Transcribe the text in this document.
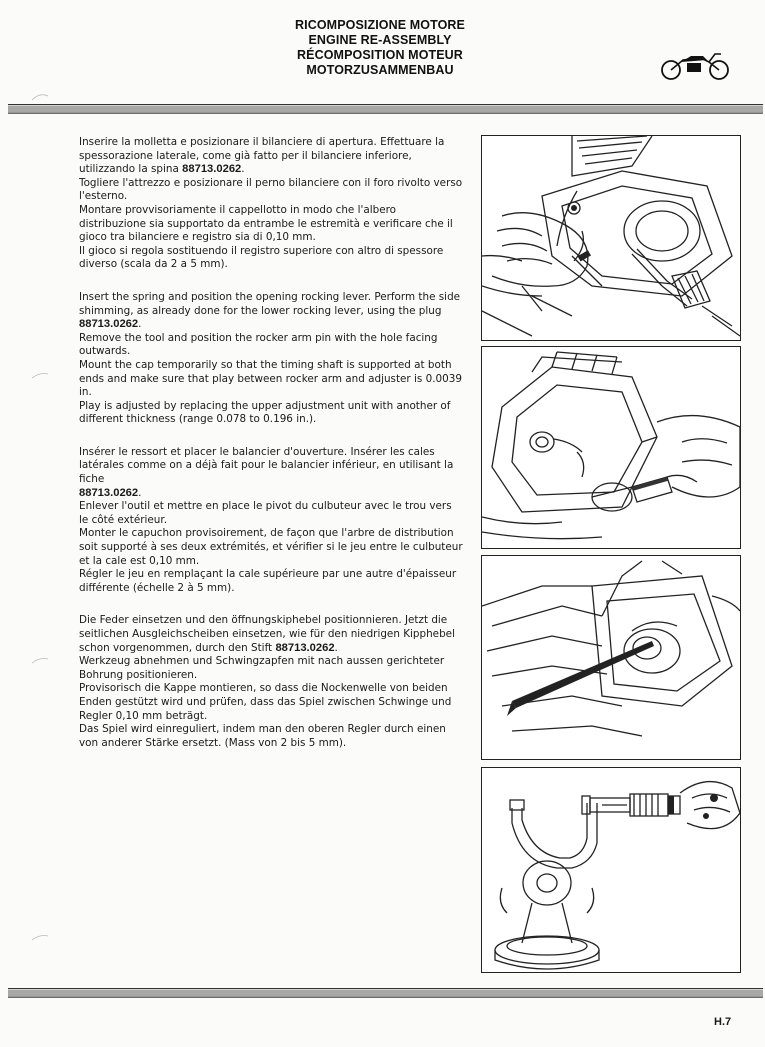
RICOMPOSIZIONE MOTORE
ENGINE RE-ASSEMBLY
RÉCOMPOSITION MOTEUR
MOTORZUSAMMENBAU

Inserire la molletta e posizionare il bilanciere di apertura. Effettuare la spessorazione laterale, come già fatto per il bilanciere inferiore, utilizzando la spina 88713.0262.
Togliere l'attrezzo e posizionare il perno bilanciere con il foro rivolto verso l'esterno.
Montare provvisoriamente il cappellotto in modo che l'albero distribuzione sia supportato da entrambe le estremità e verificare che il gioco tra bilanciere e registro sia di 0,10 mm.
Il gioco si regola sostituendo il registro superiore con altro di spessore diverso (scala da 2 a 5 mm).

Insert the spring and position the opening rocking lever. Perform the side shimming, as already done for the lower rocking lever, using the plug
88713.0262.
Remove the tool and position the rocker arm pin with the hole facing outwards.
Mount the cap temporarily so that the timing shaft is supported at both ends and make sure that play between rocker arm and adjuster is 0.0039 in.
Play is adjusted by replacing the upper adjustment unit with another of different thickness (range 0.078 to 0.196 in.).

Insérer le ressort et placer le balancier d'ouverture. Insérer les cales latérales comme on a déjà fait pour le balancier inférieur, en utilisant la fiche
88713.0262.
Enlever l'outil et mettre en place le pivot du culbuteur avec le trou vers le côté extérieur.
Monter le capuchon provisoirement, de façon que l'arbre de distribution soit supporté à ses deux extrémités, et vérifier si le jeu entre le culbuteur et la cale est 0,10 mm.
Régler le jeu en remplaçant la cale supérieure par une autre d'épaisseur différente (échelle 2 à 5 mm).

Die Feder einsetzen und den öffnungskiphebel positionnieren. Jetzt die seitlichen Ausgleichscheiben einsetzen, wie für den niedrigen Kipphebel schon vorgenommen, durch den Stift 88713.0262.
Werkzeug abnehmen und Schwingzapfen mit nach aussen gerichteter Bohrung positionieren.
Provisorisch die Kappe montieren, so dass die Nockenwelle von beiden Enden gestützt wird und prüfen, dass das Spiel zwischen Schwinge und Regler 0,10 mm beträgt.
Das Spiel wird einreguliert, indem man den oberen Regler durch einen von anderer Stärke ersetzt. (Mass von 2 bis 5 mm).

H.7
